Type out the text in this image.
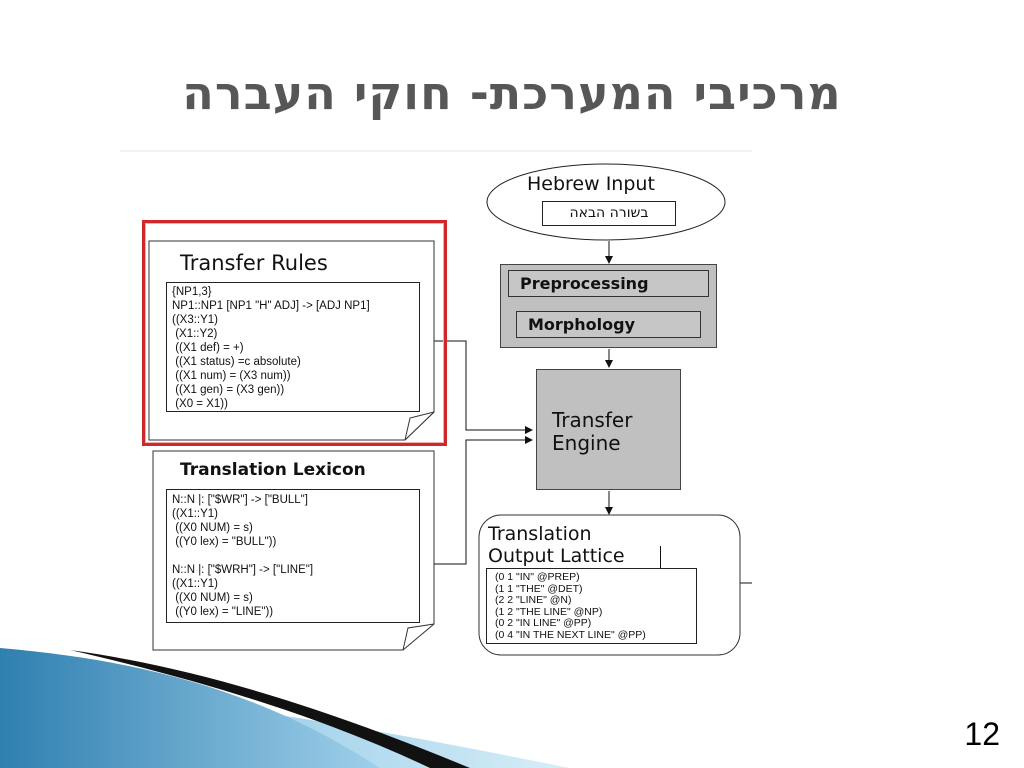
מרכיבי המערכת- חוקי העברה
Hebrew Input
בשורה הבאה
Preprocessing
Morphology
Transfer
Engine
Transfer Rules
{NP1,3}
NP1::NP1 [NP1 "H" ADJ] -> [ADJ NP1]
((X3::Y1)
(X1::Y2)
((X1 def) = +)
((X1 status) =c absolute)
((X1 num) = (X3 num))
((X1 gen) = (X3 gen))
(X0 = X1))
Translation Lexicon
N::N |: ["$WR"] -> ["BULL"]
((X1::Y1)
((X0 NUM) = s)
((Y0 lex) = "BULL"))

N::N |: ["$WRH"] -> ["LINE"]
((X1::Y1)
((X0 NUM) = s)
((Y0 lex) = "LINE"))
Translation
Output Lattice
(0 1 "IN" @PREP)
(1 1 "THE" @DET)
(2 2 "LINE" @N)
(1 2 "THE LINE" @NP)
(0 2 "IN LINE" @PP)
(0 4 "IN THE NEXT LINE" @PP)
12
